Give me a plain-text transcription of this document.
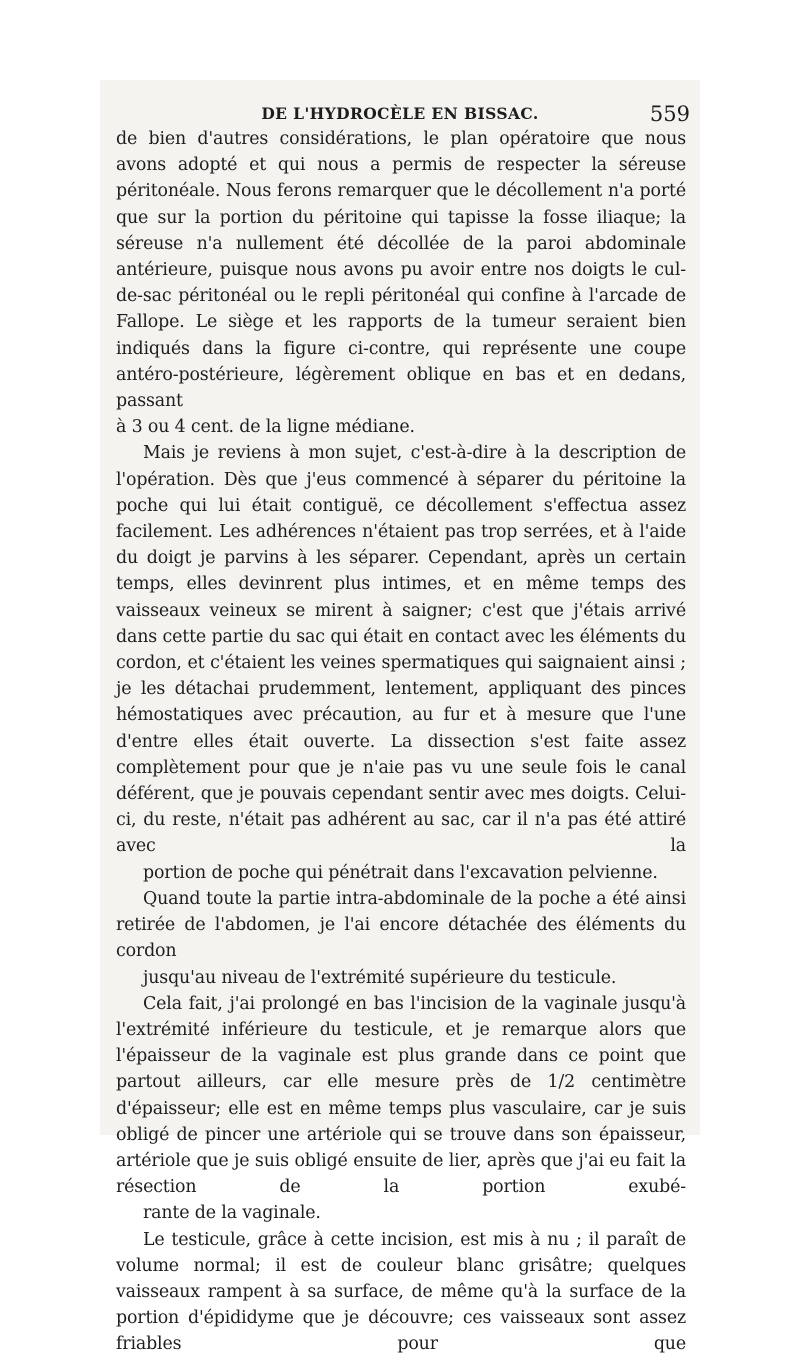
DE L'HYDROCÈLE EN BISSAC.	559

de bien d'autres considérations, le plan opératoire que nous avons adopté et qui nous a permis de respecter la séreuse péritonéale. Nous ferons remarquer que le décollement n'a porté que sur la portion du péritoine qui tapisse la fosse iliaque; la séreuse n'a nullement été décollée de la paroi abdominale antérieure, puisque nous avons pu avoir entre nos doigts le cul-de-sac péritonéal ou le repli péritonéal qui confine à l'arcade de Fallope. Le siège et les rapports de la tumeur seraient bien indiqués dans la figure ci-contre, qui représente une coupe antéro-postérieure, légèrement oblique en bas et en dedans, passant
à 3 ou 4 cent. de la ligne médiane.

Mais je reviens à mon sujet, c'est-à-dire à la description de l'opération. Dès que j'eus commencé à séparer du péritoine la poche qui lui était contiguë, ce décollement s'effectua assez facilement. Les adhérences n'étaient pas trop serrées, et à l'aide du doigt je parvins à les séparer. Cependant, après un certain temps, elles devinrent plus intimes, et en même temps des vaisseaux veineux se mirent à saigner; c'est que j'étais arrivé dans cette partie du sac qui était en contact avec les éléments du cordon, et c'étaient les veines spermatiques qui saignaient ainsi ; je les détachai prudemment, lentement, appliquant des pinces hémostatiques avec précaution, au fur et à mesure que l'une d'entre elles était ouverte. La dissection s'est faite assez complètement pour que je n'aie pas vu une seule fois le canal déférent, que je pouvais cependant sentir avec mes doigts. Celui-ci, du reste, n'était pas adhérent au sac, car il n'a pas été attiré avec la
portion de poche qui pénétrait dans l'excavation pelvienne.

Quand toute la partie intra-abdominale de la poche a été ainsi retirée de l'abdomen, je l'ai encore détachée des éléments du cordon
jusqu'au niveau de l'extrémité supérieure du testicule.

Cela fait, j'ai prolongé en bas l'incision de la vaginale jusqu'à l'extrémité inférieure du testicule, et je remarque alors que l'épaisseur de la vaginale est plus grande dans ce point que partout ailleurs, car elle mesure près de 1/2 centimètre d'épaisseur; elle est en même temps plus vasculaire, car je suis obligé de pincer une artériole qui se trouve dans son épaisseur, artériole que je suis obligé ensuite de lier, après que j'ai eu fait la résection de la portion exubé-
rante de la vaginale.

Le testicule, grâce à cette incision, est mis à nu ; il paraît de volume normal; il est de couleur blanc grisâtre; quelques vaisseaux rampent à sa surface, de même qu'à la surface de la portion d'épididyme que je découvre; ces vaisseaux sont assez friables pour que
